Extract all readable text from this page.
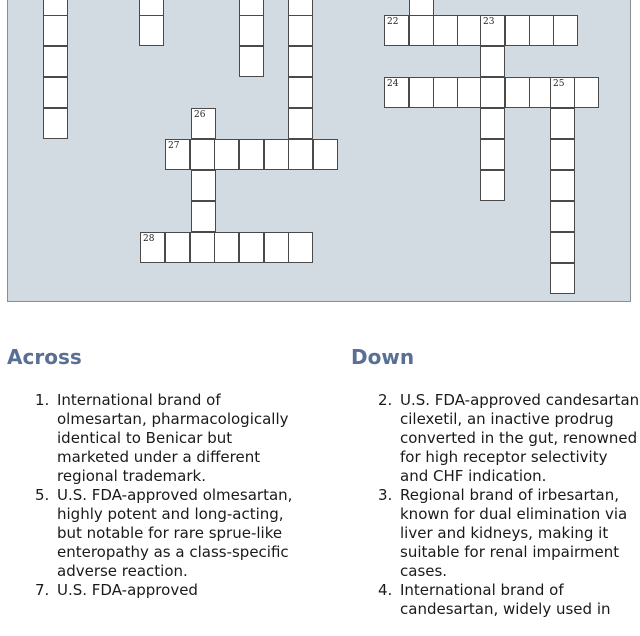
26
27
28
22	23
24	25
Across	Down
1. International brand of olmesartan, pharmacologically identical to Benicar but marketed under a different regional trademark.
5. U.S. FDA-approved olmesartan, highly potent and long-acting, but notable for rare sprue-like enteropathy as a class-specific adverse reaction.
7. U.S. FDA-approved
2. U.S. FDA-approved candesartan cilexetil, an inactive prodrug converted in the gut, renowned for high receptor selectivity and CHF indication.
3. Regional brand of irbesartan, known for dual elimination via liver and kidneys, making it suitable for renal impairment cases.
4. International brand of candesartan, widely used in
